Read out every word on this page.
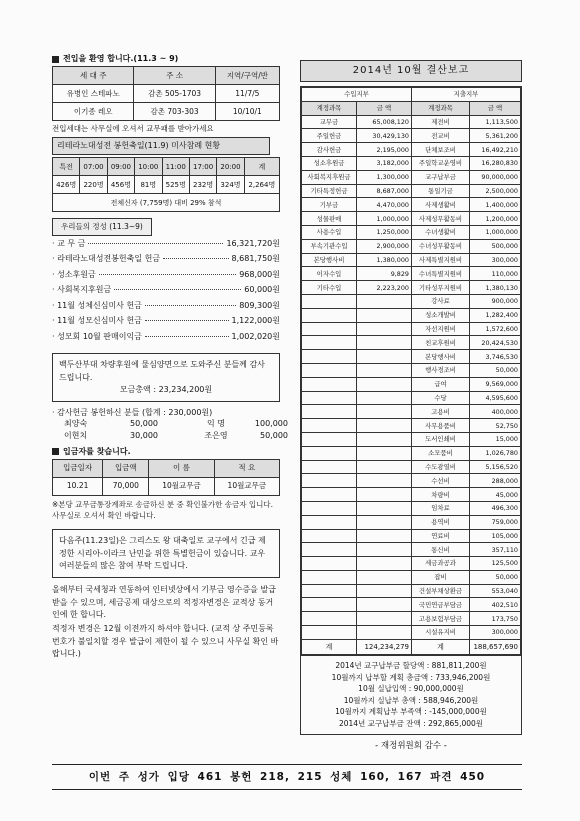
전입을 환영 합니다.(11.3 ~ 9)
세 대 주	주 소	지역/구역/반
유병인 스테파노	감촌 505-1703	11/7/5
이기종 레오	감촌 703-303	10/10/1
전입세대는 사무실에 오셔서 교무패를 받아가세요
리테라노대성전 봉헌축일(11.9) 미사참례 현황
특전	07:00	09:00	10:00	11:00	17:00	20:00	계
426명	220명	456명	81명	525명	232명	324명	2,264명
전체신자 (7,759명) 대비 29% 참석							
우리들의 정성 (11.3~9)
· 교 무 금	16,321,720원
· 라테라노대성전봉헌축일 헌금	8,681,750원
· 성소후원금	968,000원
· 사회복지후원금	60,000원
· 11월 성체신심미사 헌금	809,300원
· 11월 성모신심미사 헌금	1,122,000원
· 성모회 10월 판매이익금	1,002,020원
백두산부대 차량후원에 물심양면으로 도와주신 분들께 감사 드립니다.
모금총액 : 23,234,200원
· 감사헌금 봉헌하신 분들 (합계 : 230,000원)
최양숙	50,000	익 명	100,000
이현치	30,000	조은영	50,000
입금자를 찾습니다.
입금일자	입금액	이 름	적 요
10.21	70,000	10월교무금	10월교무금
※본당 교무금통장계좌로 송금하신 분 중 확인불가한 송금자 입니다. 사무실로 오셔서 확인 바랍니다.
다음주(11.23일)은 그리스도 왕 대축일로 교구에서 긴급 제정한 시리아-이라크 난민을 위한 특별헌금이 있습니다. 교우 여러분들의 많은 참여 부탁 드립니다.
올해부터 국세청과 연동하여 인터넷상에서 기부금 영수증을 발급 받을 수 있으며, 세금공제 대상으로의 적정자변경은 교적상 동거인에 한 합니다.
적정자 변경은 12월 이전까지 하셔야 합니다. (교적 상 주민등록번호가 불일치할 경우 발급이 제한이 될 수 있으니 사무실 확인 바랍니다.)
2014년 10월 결산보고
수입지부		지출지부	
계정과목	금 액	계정과목	금 액
교무금	65,008,120	제전비	1,113,500
주일헌금	30,429,130	전교비	5,361,200
감사헌금	2,195,000	단체보조비	16,492,210
성소후원금	3,182,000	주일학교운영비	16,280,830
사회복지후원금	1,300,000	교구납부금	90,000,000
기타특정헌금	8,687,000	통일기금	2,500,000
기부금	4,470,000	사제생활비	1,400,000
성물판매	1,000,000	사제성무활동비	1,200,000
사용수입	1,250,000	수녀생활비	1,000,000
부속기관수입	2,900,000	수녀성무활동비	500,000
본당행사비	1,380,000	사제특별지원비	300,000
이자수입	9,829	수녀특별지원비	110,000
기타수입	2,223,200	기타성무지원비	1,380,130
		강사료	900,000
		성소개발비	1,282,400
		자선지원비	1,572,600
		친교후원비	20,424,530
		본당행사비	3,746,530
		행사경조비	50,000
		급여	9,569,000
		수당	4,595,600
		고용비	400,000
		사무용품비	52,750
		도서인쇄비	15,000
		소모품비	1,026,780
		수도광열비	5,156,520
		수선비	288,000
		차량비	45,000
		임차료	496,300
		용역비	759,000
		연료비	105,000
		통신비	357,110
		세금과공과	125,500
		잡비	50,000
		건설부채상환금	553,040
		국민연금부담금	402,510
		고용보험부담금	173,750
		시설유지비	300,000
계	124,234,279	계	188,657,690
2014년 교구납부금 할당액 : 881,811,200원
10월까지 납부할 계획 총금액 : 733,946,200원
10월 실납입액 : 90,000,000원
10월까지 실납부 총액 : 588,946,200원
10월까지 계획납부 부족액 : -145,000,000원
2014년 교구납부금 잔액 : 292,865,000원
- 재정위원회 감수 -
이번 주 성가 입당 461 봉헌 218, 215 성체 160, 167 파견 450
